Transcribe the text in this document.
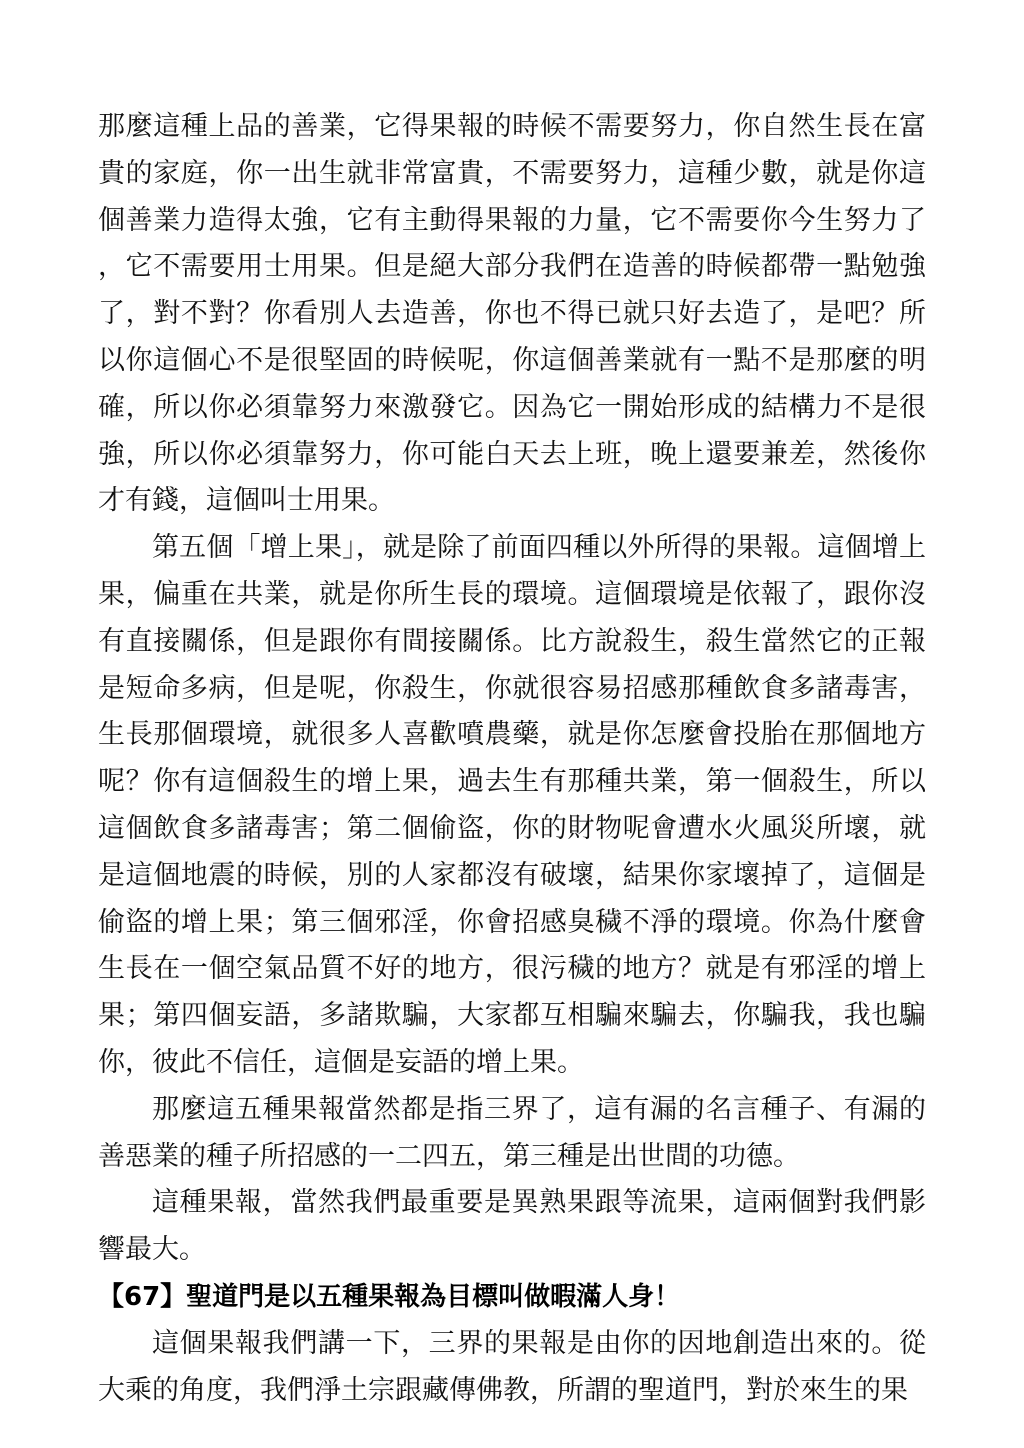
那麼這種上品的善業，它得果報的時候不需要努力，你自然生長在富貴的家庭，你一出生就非常富貴，不需要努力，這種少數，就是你這個善業力造得太強，它有主動得果報的力量，它不需要你今生努力了，它不需要用士用果。但是絕大部分我們在造善的時候都帶一點勉強了，對不對？你看別人去造善，你也不得已就只好去造了，是吧？所以你這個心不是很堅固的時候呢，你這個善業就有一點不是那麼的明確，所以你必須靠努力來激發它。因為它一開始形成的結構力不是很強，所以你必須靠努力，你可能白天去上班，晚上還要兼差，然後你才有錢，這個叫士用果。

第五個「增上果」，就是除了前面四種以外所得的果報。這個增上果，偏重在共業，就是你所生長的環境。這個環境是依報了，跟你沒有直接關係，但是跟你有間接關係。比方說殺生，殺生當然它的正報是短命多病，但是呢，你殺生，你就很容易招感那種飲食多諸毒害，生長那個環境，就很多人喜歡噴農藥，就是你怎麼會投胎在那個地方呢？你有這個殺生的增上果，過去生有那種共業，第一個殺生，所以這個飲食多諸毒害；第二個偷盜，你的財物呢會遭水火風災所壞，就是這個地震的時候，別的人家都沒有破壞，結果你家壞掉了，這個是偷盜的增上果；第三個邪淫，你會招感臭穢不淨的環境。你為什麼會生長在一個空氣品質不好的地方，很污穢的地方？就是有邪淫的增上果；第四個妄語，多諸欺騙，大家都互相騙來騙去，你騙我，我也騙你，彼此不信任，這個是妄語的增上果。

那麼這五種果報當然都是指三界了，這有漏的名言種子、有漏的善惡業的種子所招感的一二四五，第三種是出世間的功德。

這種果報，當然我們最重要是異熟果跟等流果，這兩個對我們影響最大。

【67】聖道門是以五種果報為目標叫做暇滿人身！

這個果報我們講一下，三界的果報是由你的因地創造出來的。從大乘的角度，我們淨土宗跟藏傳佛教，所謂的聖道門，對於來生的果
